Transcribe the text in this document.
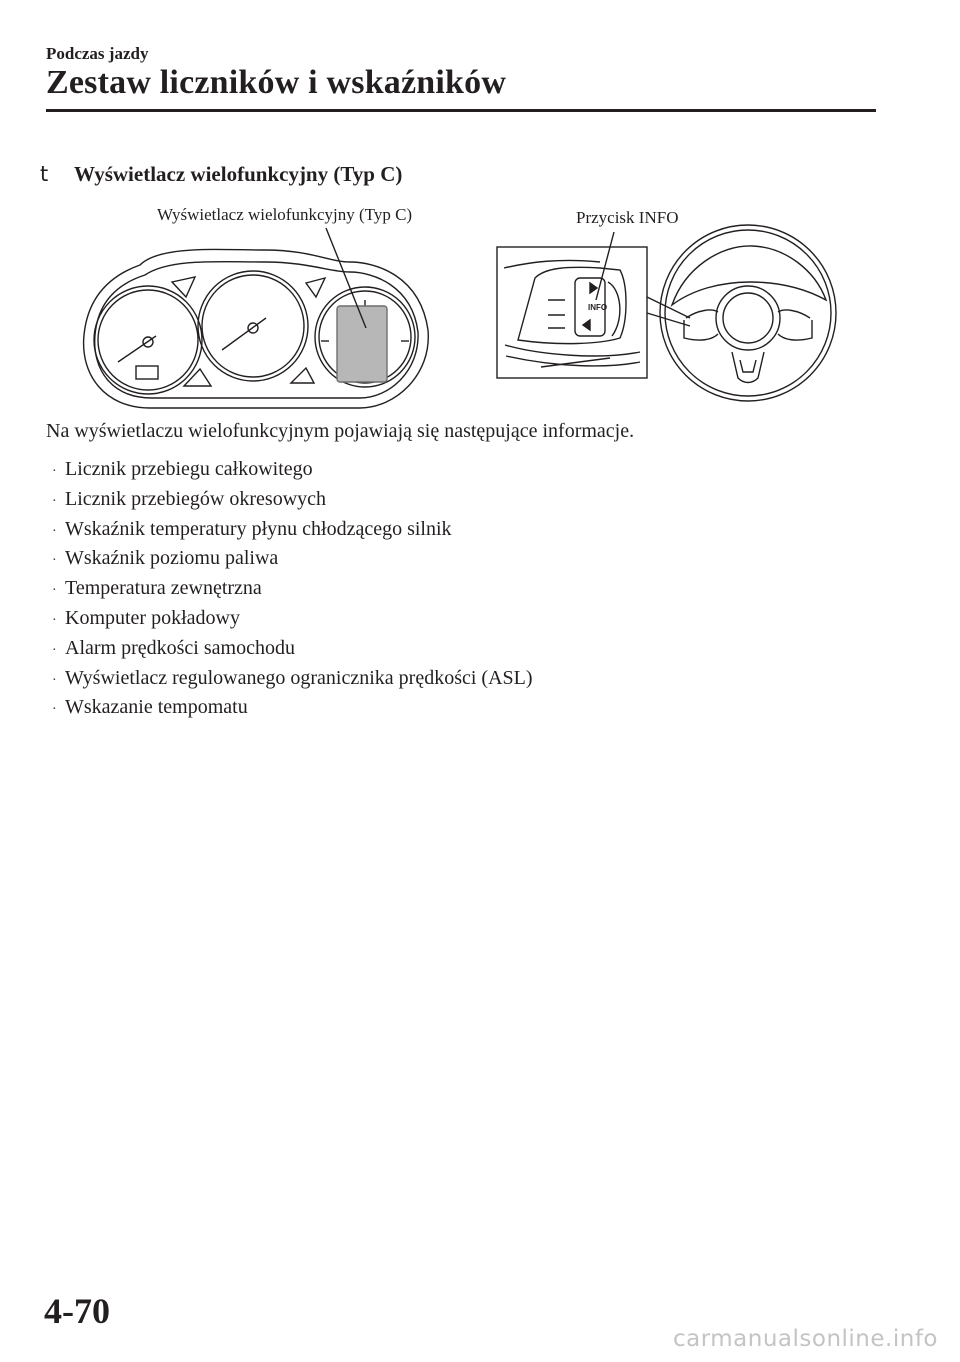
Podczas jazdy
Zestaw liczników i wskaźników
t	Wyświetlacz wielofunkcyjny (Typ C)
INFO
Wyświetlacz wielofunkcyjny (Typ C)	Przycisk INFO
Na wyświetlaczu wielofunkcyjnym pojawiają się następujące informacje.
· Licznik przebiegu całkowitego
· Licznik przebiegów okresowych
· Wskaźnik temperatury płynu chłodzącego silnik
· Wskaźnik poziomu paliwa
· Temperatura zewnętrzna
· Komputer pokładowy
· Alarm prędkości samochodu
· Wyświetlacz regulowanego ogranicznika prędkości (ASL)
· Wskazanie tempomatu
4-70
carmanualsonline.info
